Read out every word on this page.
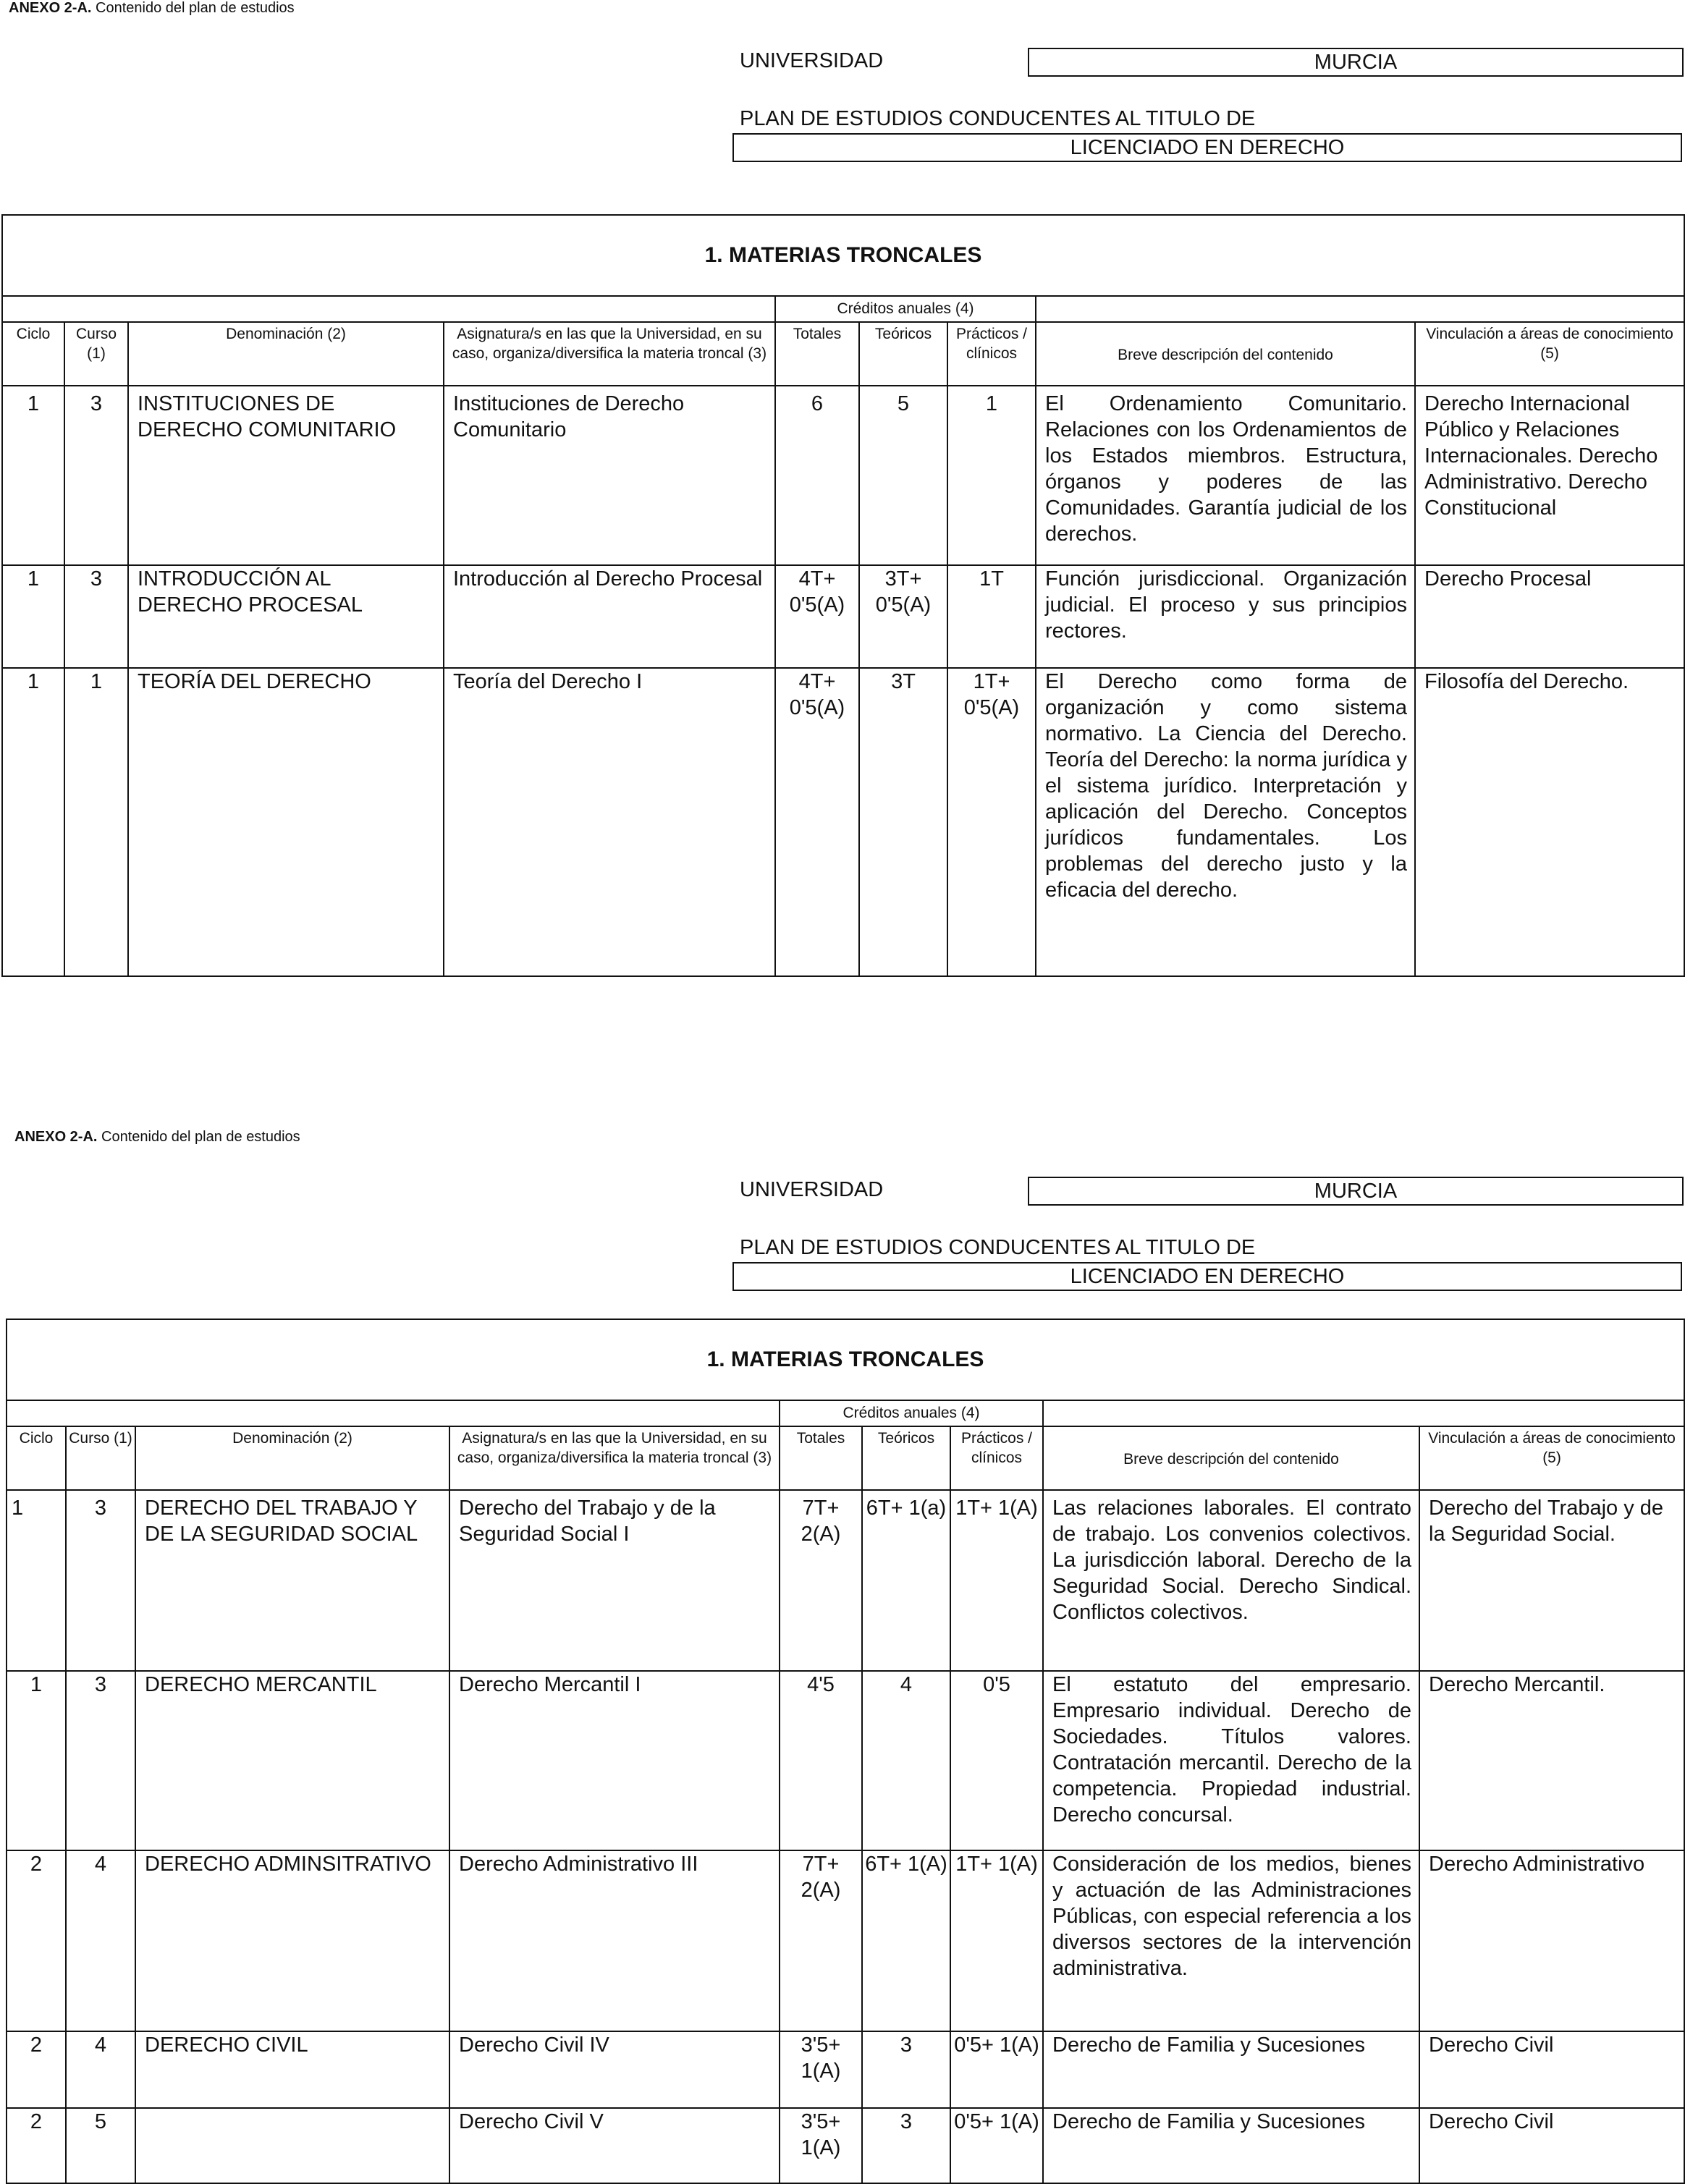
ANEXO 2-A. Contenido del plan de estudios
UNIVERSIDAD	MURCIA
PLAN DE ESTUDIOS CONDUCENTES AL TITULO DE
LICENCIADO EN DERECHO
1. MATERIAS TRONCALES								
				Créditos anuales (4)				
Ciclo	Curso (1)	Denominación (2)	Asignatura/s en las que la Universidad, en su caso, organiza/diversifica la materia troncal (3)	Totales	Teóricos	Prácticos / clínicos	Breve descripción del contenido	Vinculación a áreas de conocimiento (5)
1	3	INSTITUCIONES DE DERECHO COMUNITARIO	Instituciones de Derecho Comunitario	6	5	1	El Ordenamiento Comunitario. Relaciones con los Ordenamientos de los Estados miembros. Estructura, órganos y poderes de las Comunidades. Garantía judicial de los derechos.	Derecho Internacional Público y Relaciones Internacionales. Derecho Administrativo. Derecho Constitucional
1	3	INTRODUCCIÓN AL DERECHO PROCESAL	Introducción al Derecho Procesal	4T+ 0'5(A)	3T+ 0'5(A)	1T	Función jurisdiccional. Organización judicial. El proceso y sus principios rectores.	Derecho Procesal
1	1	TEORÍA DEL DERECHO	Teoría del Derecho I	4T+ 0'5(A)	3T	1T+ 0'5(A)	El Derecho como forma de organización y como sistema normativo. La Ciencia del Derecho. Teoría del Derecho: la norma jurídica y el sistema jurídico. Interpretación y aplicación del Derecho. Conceptos jurídicos fundamentales. Los problemas del derecho justo y la eficacia del derecho.	Filosofía del Derecho.
ANEXO 2-A. Contenido del plan de estudios
UNIVERSIDAD	MURCIA
PLAN DE ESTUDIOS CONDUCENTES AL TITULO DE
LICENCIADO EN DERECHO
1. MATERIAS TRONCALES								
				Créditos anuales (4)				
Ciclo	Curso (1)	Denominación (2)	Asignatura/s en las que la Universidad, en su caso, organiza/diversifica la materia troncal (3)	Totales	Teóricos	Prácticos / clínicos	Breve descripción del contenido	Vinculación a áreas de conocimiento (5)
1	3	DERECHO DEL TRABAJO Y DE LA SEGURIDAD SOCIAL	Derecho del Trabajo y de la Seguridad Social I	7T+ 2(A)	6T+ 1(a)	1T+ 1(A)	Las relaciones laborales. El contrato de trabajo. Los convenios colectivos. La jurisdicción laboral. Derecho de la Seguridad Social. Derecho Sindical. Conflictos colectivos.	Derecho del Trabajo y de la Seguridad Social.
1	3	DERECHO MERCANTIL	Derecho Mercantil I	4'5	4	0'5	El estatuto del empresario. Empresario individual. Derecho de Sociedades. Títulos valores. Contratación mercantil. Derecho de la competencia. Propiedad industrial. Derecho concursal.	Derecho Mercantil.
2	4	DERECHO ADMINSITRATIVO	Derecho Administrativo III	7T+ 2(A)	6T+ 1(A)	1T+ 1(A)	Consideración de los medios, bienes y actuación de las Administraciones Públicas, con especial referencia a los diversos sectores de la intervención administrativa.	Derecho Administrativo
2	4	DERECHO CIVIL	Derecho Civil IV	3'5+ 1(A)	3	0'5+ 1(A)	Derecho de Familia y Sucesiones	Derecho Civil
2	5		Derecho Civil V	3'5+ 1(A)	3	0'5+ 1(A)	Derecho de Familia y Sucesiones	Derecho Civil
